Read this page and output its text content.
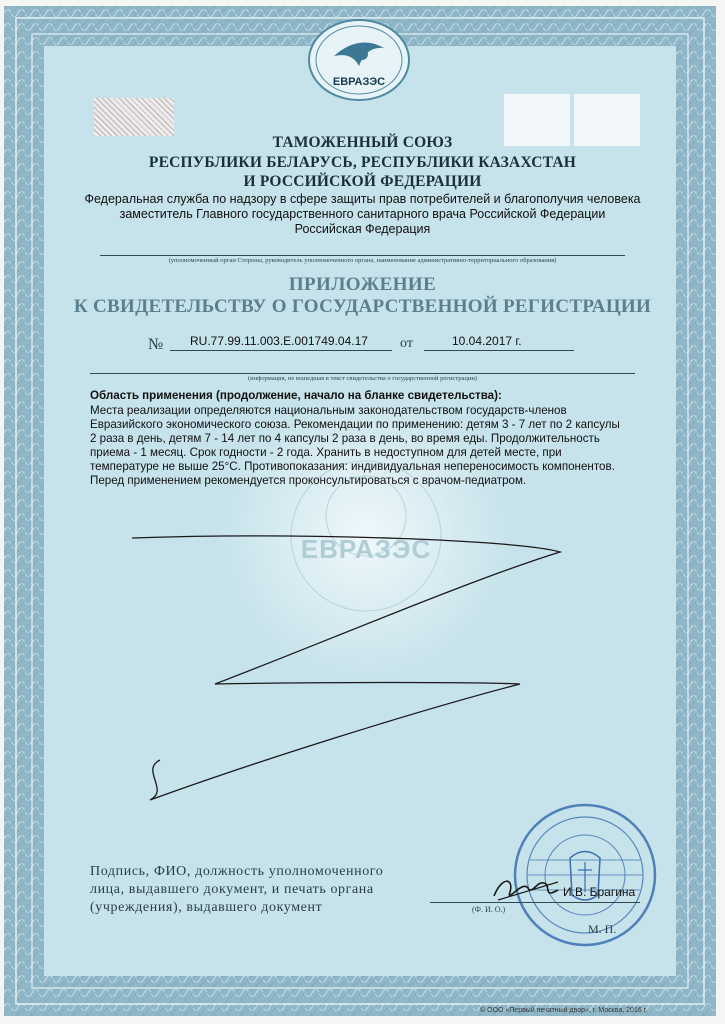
ЕВРАЗЭС
ЕВРАЗЭС
ТАМОЖЕННЫЙ СОЮЗ
РЕСПУБЛИКИ БЕЛАРУСЬ, РЕСПУБЛИКИ КАЗАХСТАН
И РОССИЙСКОЙ ФЕДЕРАЦИИ
Федеральная служба по надзору в сфере защиты прав потребителей и благополучия человека
заместитель Главного государственного санитарного врача Российской Федерации
Российская Федерация
(уполномоченный орган Стороны, руководитель уполномоченного органа, наименование административно-территориального образования)
ПРИЛОЖЕНИЕ
К СВИДЕТЕЛЬСТВУ О ГОСУДАРСТВЕННОЙ РЕГИСТРАЦИИ
№ RU.77.99.11.003.Е.001749.04.17 от	10.04.2017 г.
(информация, не вошедшая в текст свидетельства о государственной регистрации)
Область применения (продолжение, начало на бланке свидетельства):
Места реализации определяются национальным законодательством государств-членов
Евразийского экономического союза. Рекомендации по применению: детям 3 - 7 лет по 2 капсулы
2 раза в день, детям 7 - 14 лет по 4 капсулы 2 раза в день, во время еды. Продолжительность
приема - 1 месяц. Срок годности - 2 года. Хранить в недоступном для детей месте, при
температуре не выше 25°С. Противопоказания: индивидуальная непереносимость компонентов.
Перед применением рекомендуется проконсультироваться с врачом-педиатром.
Подпись, ФИО, должность уполномоченного
лица, выдавшего документ, и печать органа
(учреждения), выдавшего документ
И.В. Брагина
(Ф. И. О.)
М. П.
© ООО «Первый печатный двор», г. Москва, 2016 г.
